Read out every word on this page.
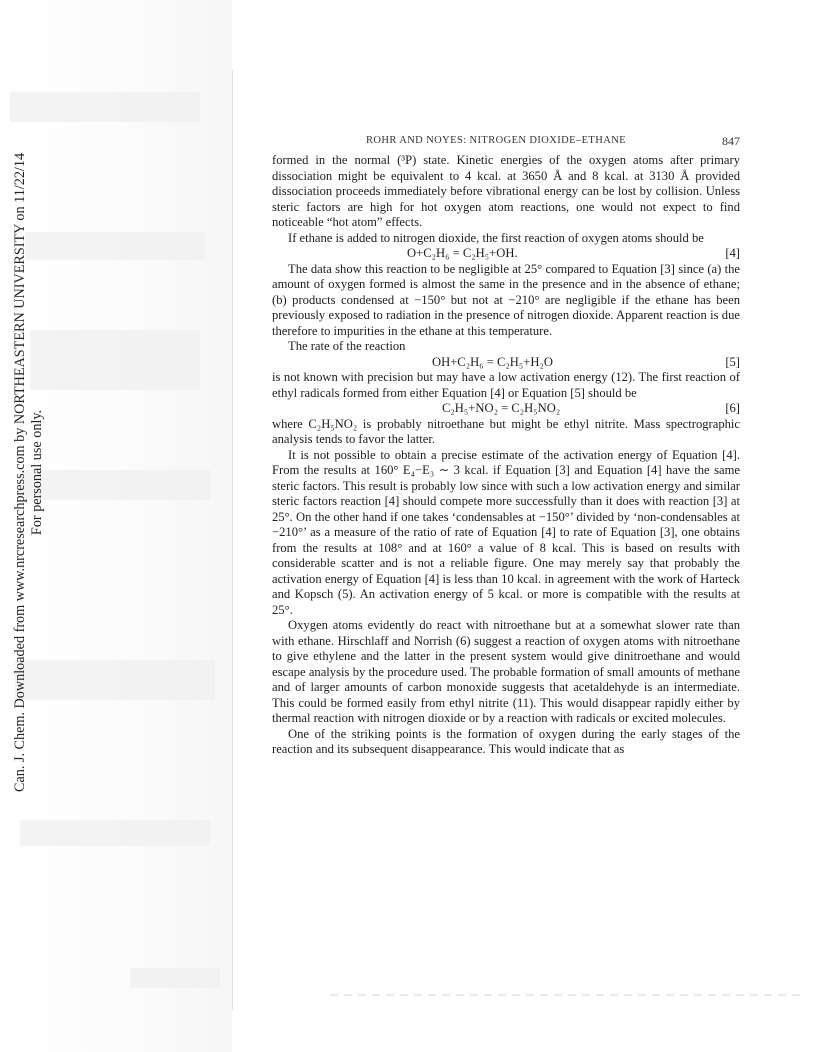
Can. J. Chem. Downloaded from www.nrcresearchpress.com by NORTHEASTERN UNIVERSITY on 11/22/14 For personal use only.
ROHR AND NOYES: NITROGEN DIOXIDE–ETHANE	847

formed in the normal (³P) state. Kinetic energies of the oxygen atoms after primary dissociation might be equivalent to 4 kcal. at 3650 Å and 8 kcal. at 3130 Å provided dissociation proceeds immediately before vibrational energy can be lost by collision. Unless steric factors are high for hot oxygen atom reactions, one would not expect to find noticeable “hot atom” effects.

If ethane is added to nitrogen dioxide, the first reaction of oxygen atoms should be

O+C₂H₆ = C₂H₅+OH.	[4]

The data show this reaction to be negligible at 25° compared to Equation [3] since (a) the amount of oxygen formed is almost the same in the presence and in the absence of ethane; (b) products condensed at −150° but not at −210° are negligible if the ethane has been previously exposed to radiation in the presence of nitrogen dioxide. Apparent reaction is due therefore to impurities in the ethane at this temperature.

The rate of the reaction

OH+C₂H₆ = C₂H₅+H₂O	[5]

is not known with precision but may have a low activation energy (12). The first reaction of ethyl radicals formed from either Equation [4] or Equation [5] should be

C₂H₅+NO₂ = C₂H₅NO₂	[6]

where C₂H₅NO₂ is probably nitroethane but might be ethyl nitrite. Mass spectrographic analysis tends to favor the latter.

It is not possible to obtain a precise estimate of the activation energy of Equation [4]. From the results at 160° E₄−E₃ ∼ 3 kcal. if Equation [3] and Equation [4] have the same steric factors. This result is probably low since with such a low activation energy and similar steric factors reaction [4] should compete more successfully than it does with reaction [3] at 25°. On the other hand if one takes ‘condensables at −150°’ divided by ‘non-condensables at −210°’ as a measure of the ratio of rate of Equation [4] to rate of Equation [3], one obtains from the results at 108° and at 160° a value of 8 kcal. This is based on results with considerable scatter and is not a reliable figure. One may merely say that probably the activation energy of Equation [4] is less than 10 kcal. in agreement with the work of Harteck and Kopsch (5). An activation energy of 5 kcal. or more is compatible with the results at 25°.

Oxygen atoms evidently do react with nitroethane but at a somewhat slower rate than with ethane. Hirschlaff and Norrish (6) suggest a reaction of oxygen atoms with nitroethane to give ethylene and the latter in the present system would give dinitroethane and would escape analysis by the procedure used. The probable formation of small amounts of methane and of larger amounts of carbon monoxide suggests that acetaldehyde is an intermediate. This could be formed easily from ethyl nitrite (11). This would disappear rapidly either by thermal reaction with nitrogen dioxide or by a reaction with radicals or excited molecules.

One of the striking points is the formation of oxygen during the early stages of the reaction and its subsequent disappearance. This would indicate that as
